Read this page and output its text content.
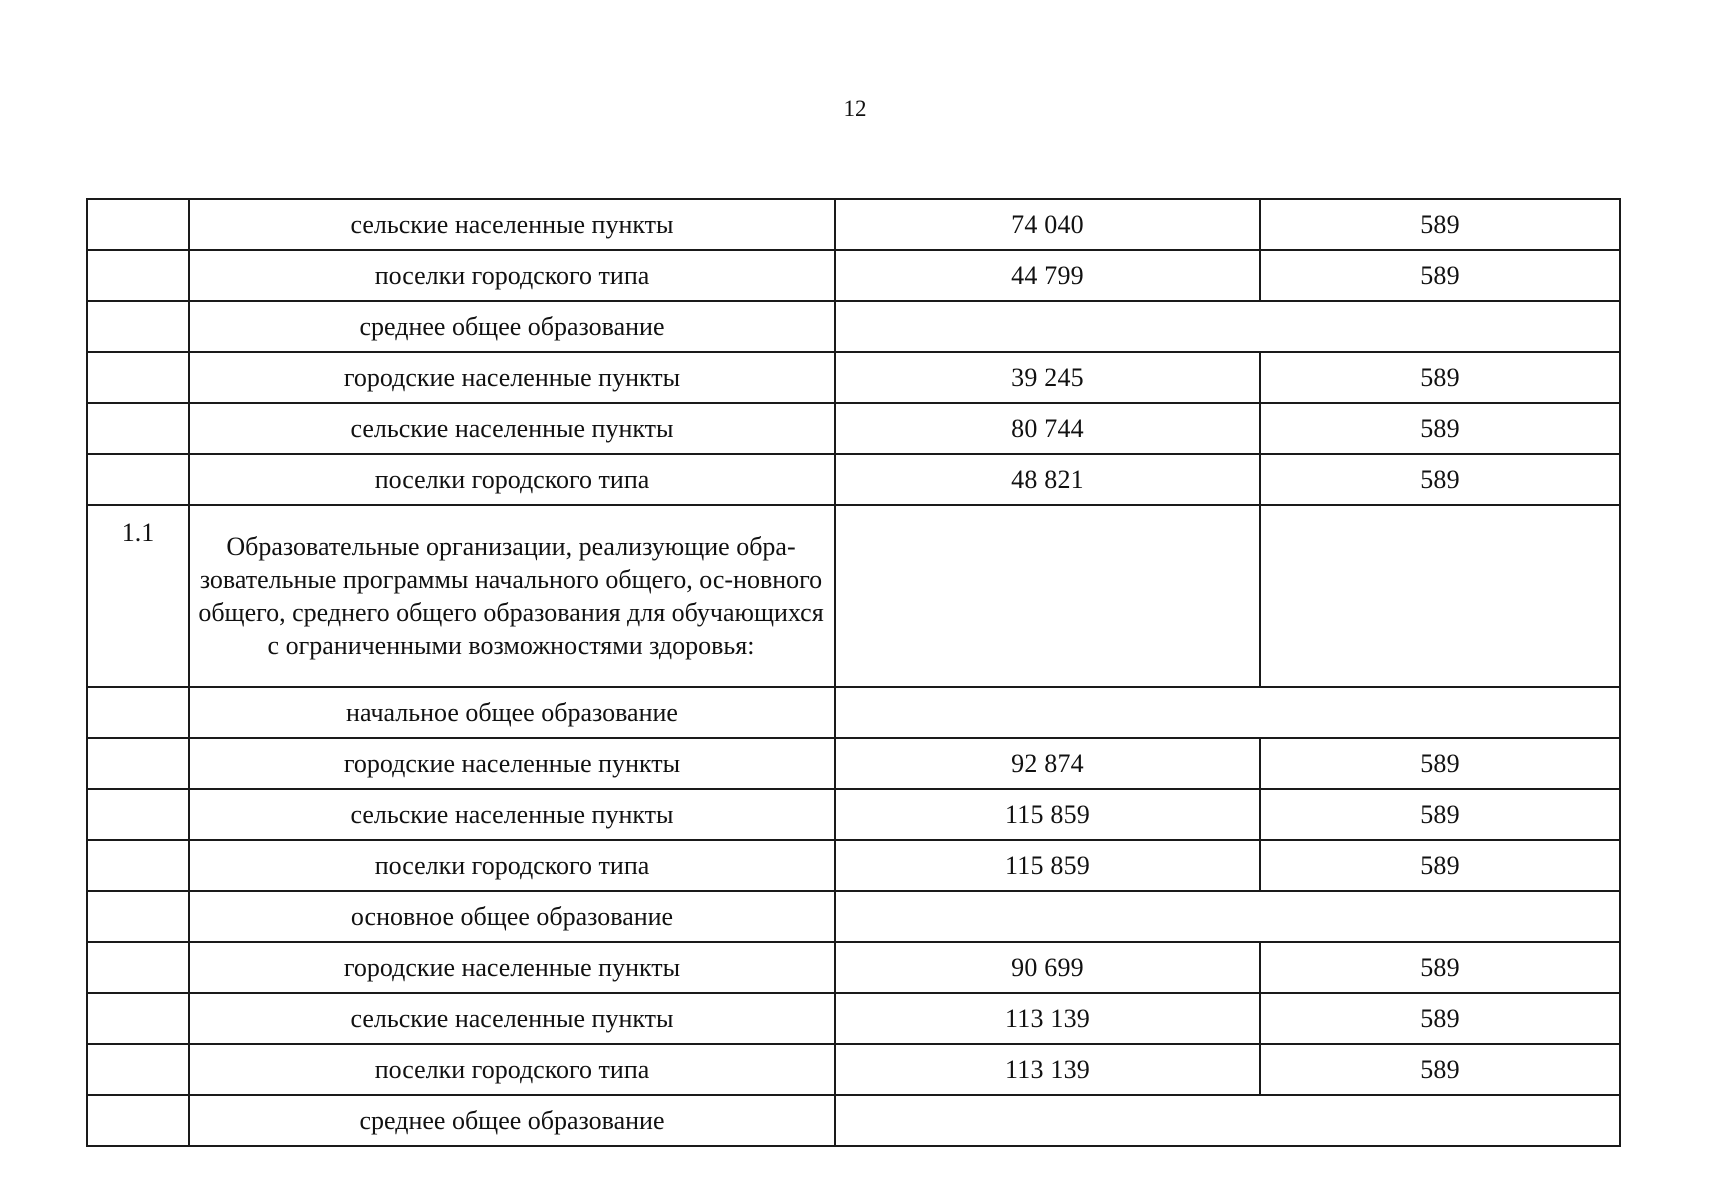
12
	сельские населенные пункты	74 040	589
	поселки городского типа	44 799	589
	среднее общее образование		
	городские населенные пункты	39 245	589
	сельские населенные пункты	80 744	589
	поселки городского типа	48 821	589
1.1	Образовательные организации, реализующие обра-зовательные программы начального общего, ос-новного общего, среднего общего образования для обучающихся с ограниченными возможностями здоровья:		
	начальное общее образование		
	городские населенные пункты	92 874	589
	сельские населенные пункты	115 859	589
	поселки городского типа	115 859	589
	основное общее образование		
	городские населенные пункты	90 699	589
	сельские населенные пункты	113 139	589
	поселки городского типа	113 139	589
	среднее общее образование		
